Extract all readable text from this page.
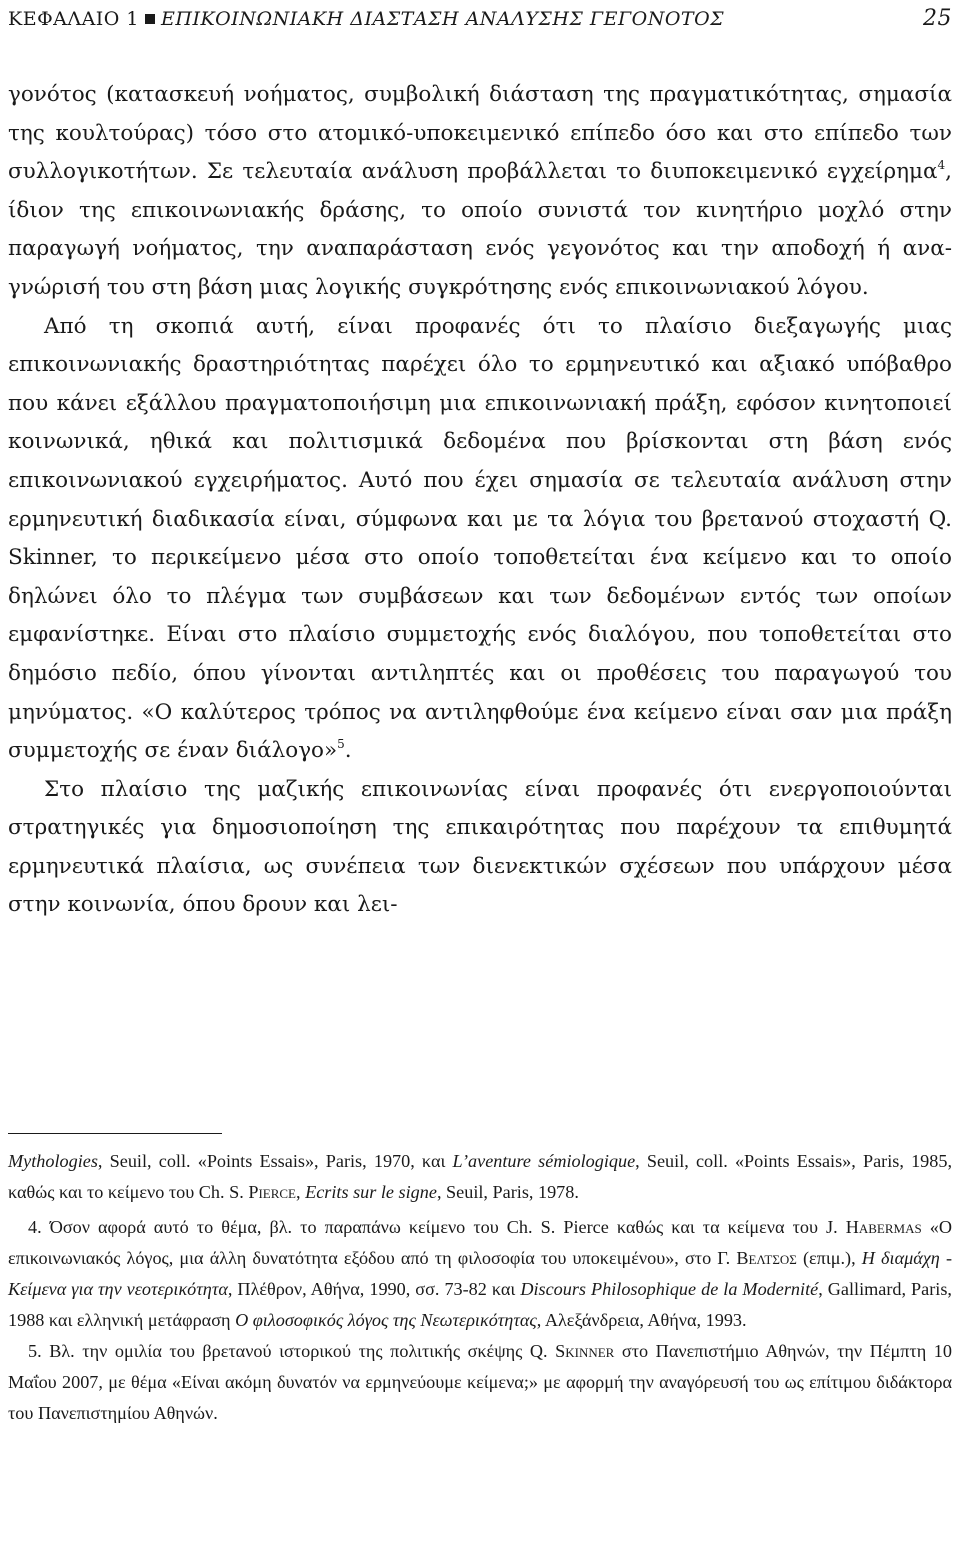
ΚΕΦΑΛΑΙΟ 1 ΕΠΙΚΟΙΝΩΝΙΑΚΗ ΔΙΑΣΤΑΣΗ ΑΝΑΛΥΣΗΣ ΓΕΓΟΝΟΤΟΣ	25

γονότος (κατασκευή νοήματος, συμβολική διάσταση της πραγματικότητας, σημασία της κουλτούρας) τόσο στο ατομικό-υποκειμενικό επίπεδο όσο και στο επίπεδο των συλλογικοτήτων. Σε τελευταία ανάλυση προβάλλεται το διυποκειμενικό εγχείρημα$^4$, ίδιον της επικοινωνιακής δράσης, το οποίο συνιστά τον κινητήριο μοχλό στην παραγωγή νοήματος, την αναπαράσταση ενός γεγονότος και την αποδοχή ή αναγνώρισή του στη βάση μιας λογικής συγκρότησης ενός επικοινωνιακού λόγου.

Από τη σκοπιά αυτή, είναι προφανές ότι το πλαίσιο διεξαγωγής μιας επικοινωνιακής δραστηριότητας παρέχει όλο το ερμηνευτικό και αξιακό υπόβαθρο που κάνει εξάλλου πραγματοποιήσιμη μια επικοινωνιακή πράξη, εφόσον κινητοποιεί κοινωνικά, ηθικά και πολιτισμικά δεδομένα που βρίσκονται στη βάση ενός επικοινωνιακού εγχειρήματος. Αυτό που έχει σημασία σε τελευταία ανάλυση στην ερμηνευτική διαδικασία είναι, σύμφωνα και με τα λόγια του βρετανού στοχαστή Q. Skinner, το περικείμενο μέσα στο οποίο τοποθετείται ένα κείμενο και το οποίο δηλώνει όλο το πλέγμα των συμβάσεων και των δεδομένων εντός των οποίων εμφανίστηκε. Είναι στο πλαίσιο συμμετοχής ενός διαλόγου, που τοποθετείται στο δημόσιο πεδίο, όπου γίνονται αντιληπτές και οι προθέσεις του παραγωγού του μηνύματος. «Ο καλύτερος τρόπος να αντιληφθούμε ένα κείμενο είναι σαν μια πράξη συμμετοχής σε έναν διάλογο»$^5$.

Στο πλαίσιο της μαζικής επικοινωνίας είναι προφανές ότι ενεργοποιούνται στρατηγικές για δημοσιοποίηση της επικαιρότητας που παρέχουν τα επιθυμητά ερμηνευτικά πλαίσια, ως συνέπεια των διενεκτικών σχέσεων που υπάρχουν μέσα στην κοινωνία, όπου δρουν και λει-

Mythologies, Seuil, coll. «Points Essais», Paris, 1970, και L’aventure sémiologique, Seuil, coll. «Points Essais», Paris, 1985, καθώς και το κείμενο του Ch. S. Pierce, Ecrits sur le signe, Seuil, Paris, 1978.

4. Όσον αφορά αυτό το θέμα, βλ. το παραπάνω κείμενο του Ch. S. Pierce καθώς και τα κείμενα του J. Habermas «Ο επικοινωνιακός λόγος, μια άλλη δυνατότητα εξόδου από τη φιλοσοφία του υποκειμένου», στο Γ. Βελτσος (επιμ.), Η διαμάχη - Κείμενα για την νεοτερικότητα, Πλέθρον, Αθήνα, 1990, σσ. 73-82 και Discours Philosophique de la Modernité, Gallimard, Paris, 1988 και ελληνική μετάφραση Ο φιλοσοφικός λόγος της Νεωτερικότητας, Αλεξάνδρεια, Αθήνα, 1993.

5. Βλ. την ομιλία του βρετανού ιστορικού της πολιτικής σκέψης Q. Skinner στο Πανεπιστήμιο Αθηνών, την Πέμπτη 10 Μαΐου 2007, με θέμα «Είναι ακόμη δυνατόν να ερμηνεύουμε κείμενα;» με αφορμή την αναγόρευσή του ως επίτιμου διδάκτορα του Πανεπιστημίου Αθηνών.
